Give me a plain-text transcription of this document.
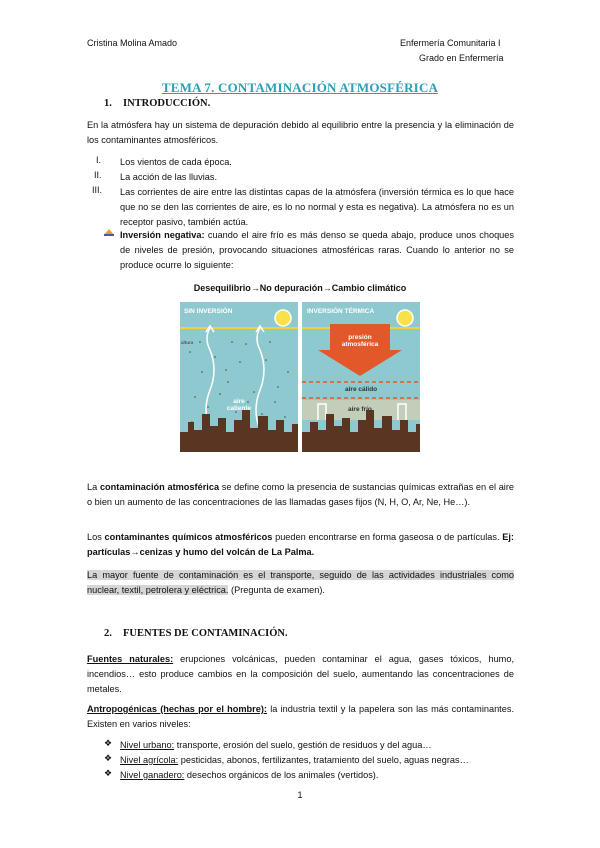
Cristina Molina Amado	Enfermería Comunitaria I
Grado en Enfermería
TEMA 7. CONTAMINACIÓN ATMOSFÉRICA
1. INTRODUCCIÓN.
En la atmósfera hay un sistema de depuración debido al equilibrio entre la presencia y la eliminación de los contaminantes atmosféricos.
I. Los vientos de cada época.
II. La acción de las lluvias.
III. Las corrientes de aire entre las distintas capas de la atmósfera (inversión térmica es lo que hace que no se den las corrientes de aire, es lo no normal y esta es negativa). La atmósfera no es un receptor pasivo, también actúa.
Inversión negativa: cuando el aire frío es más denso se queda abajo, produce unos choques de niveles de presión, provocando situaciones atmosféricas raras. Cuando lo anterior no se produce ocurre lo siguiente:
Desequilibrio→No depuración→Cambio climático
SIN INVERSIÓN	INVERSIÓN TÉRMICA
altura
aire caliente
presión atmosférica
aire cálido
aire frío
La contaminación atmosférica se define como la presencia de sustancias químicas extrañas en el aire o bien un aumento de las concentraciones de las llamadas gases fijos (N, H, O, Ar, Ne, He…).
Los contaminantes químicos atmosféricos pueden encontrarse en forma gaseosa o de partículas. Ej: partículas→cenizas y humo del volcán de La Palma.
La mayor fuente de contaminación es el transporte, seguido de las actividades industriales como nuclear, textil, petrolera y eléctrica. (Pregunta de examen).
2. FUENTES DE CONTAMINACIÓN.
Fuentes naturales: erupciones volcánicas, pueden contaminar el agua, gases tóxicos, humo, incendios… esto produce cambios en la composición del suelo, aumentando las concentraciones de metales.
Antropogénicas (hechas por el hombre): la industria textil y la papelera son las más contaminantes. Existen en varios niveles:
❖ Nivel urbano: transporte, erosión del suelo, gestión de residuos y del agua…
❖ Nivel agrícola: pesticidas, abonos, fertilizantes, tratamiento del suelo, aguas negras…
❖ Nivel ganadero: desechos orgánicos de los animales (vertidos).
1
